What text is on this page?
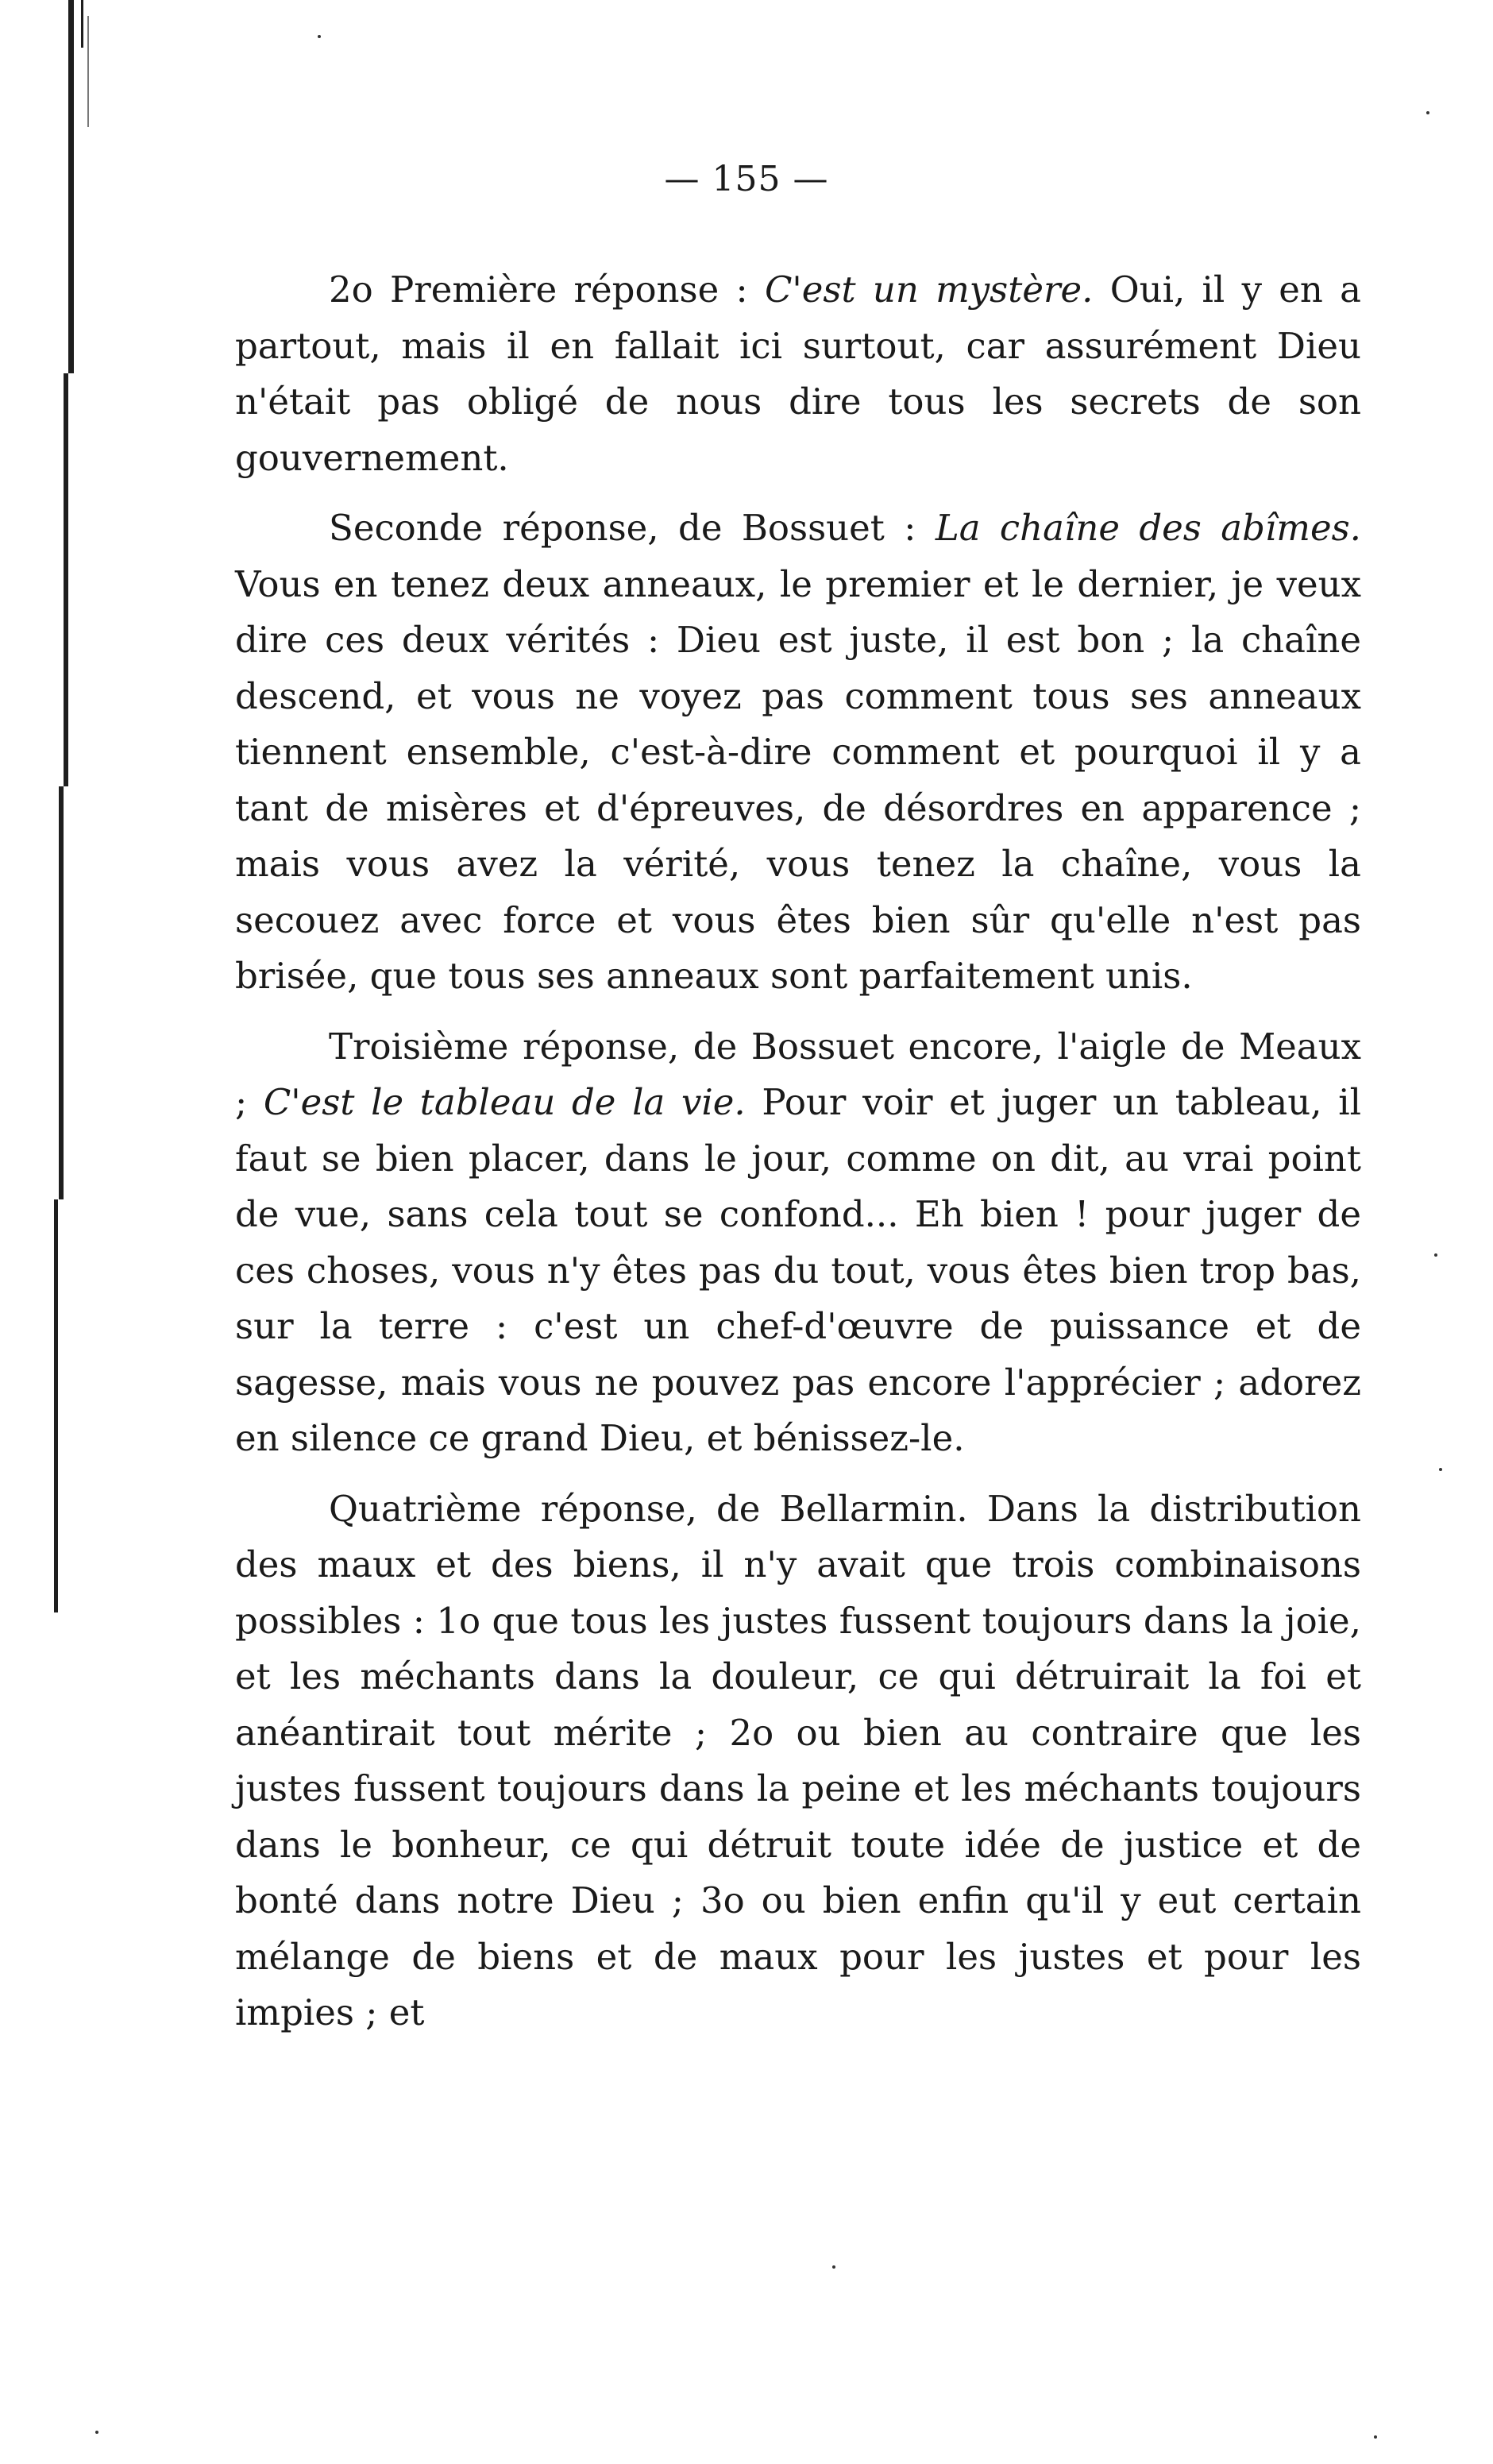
— 155 —

2o Première réponse : C'est un mystère. Oui, il y en a partout, mais il en fallait ici surtout, car assurément Dieu n'était pas obligé de nous dire tous les secrets de son gouvernement.

Seconde réponse, de Bossuet : La chaîne des abîmes. Vous en tenez deux anneaux, le premier et le dernier, je veux dire ces deux vérités : Dieu est juste, il est bon ; la chaîne descend, et vous ne voyez pas comment tous ses anneaux tiennent ensemble, c'est-à-dire comment et pourquoi il y a tant de misères et d'épreuves, de désordres en apparence ; mais vous avez la vérité, vous tenez la chaîne, vous la secouez avec force et vous êtes bien sûr qu'elle n'est pas brisée, que tous ses anneaux sont parfaitement unis.

Troisième réponse, de Bossuet encore, l'aigle de Meaux ; C'est le tableau de la vie. Pour voir et juger un tableau, il faut se bien placer, dans le jour, comme on dit, au vrai point de vue, sans cela tout se confond... Eh bien ! pour juger de ces choses, vous n'y êtes pas du tout, vous êtes bien trop bas, sur la terre : c'est un chef-d'œuvre de puissance et de sagesse, mais vous ne pouvez pas encore l'apprécier ; adorez en silence ce grand Dieu, et bénissez-le.

Quatrième réponse, de Bellarmin. Dans la distribution des maux et des biens, il n'y avait que trois combinaisons possibles : 1o que tous les justes fussent toujours dans la joie, et les méchants dans la douleur, ce qui détruirait la foi et anéantirait tout mérite ; 2o ou bien au contraire que les justes fussent toujours dans la peine et les méchants toujours dans le bonheur, ce qui détruit toute idée de justice et de bonté dans notre Dieu ; 3o ou bien enfin qu'il y eut certain mélange de biens et de maux pour les justes et pour les impies ; et
